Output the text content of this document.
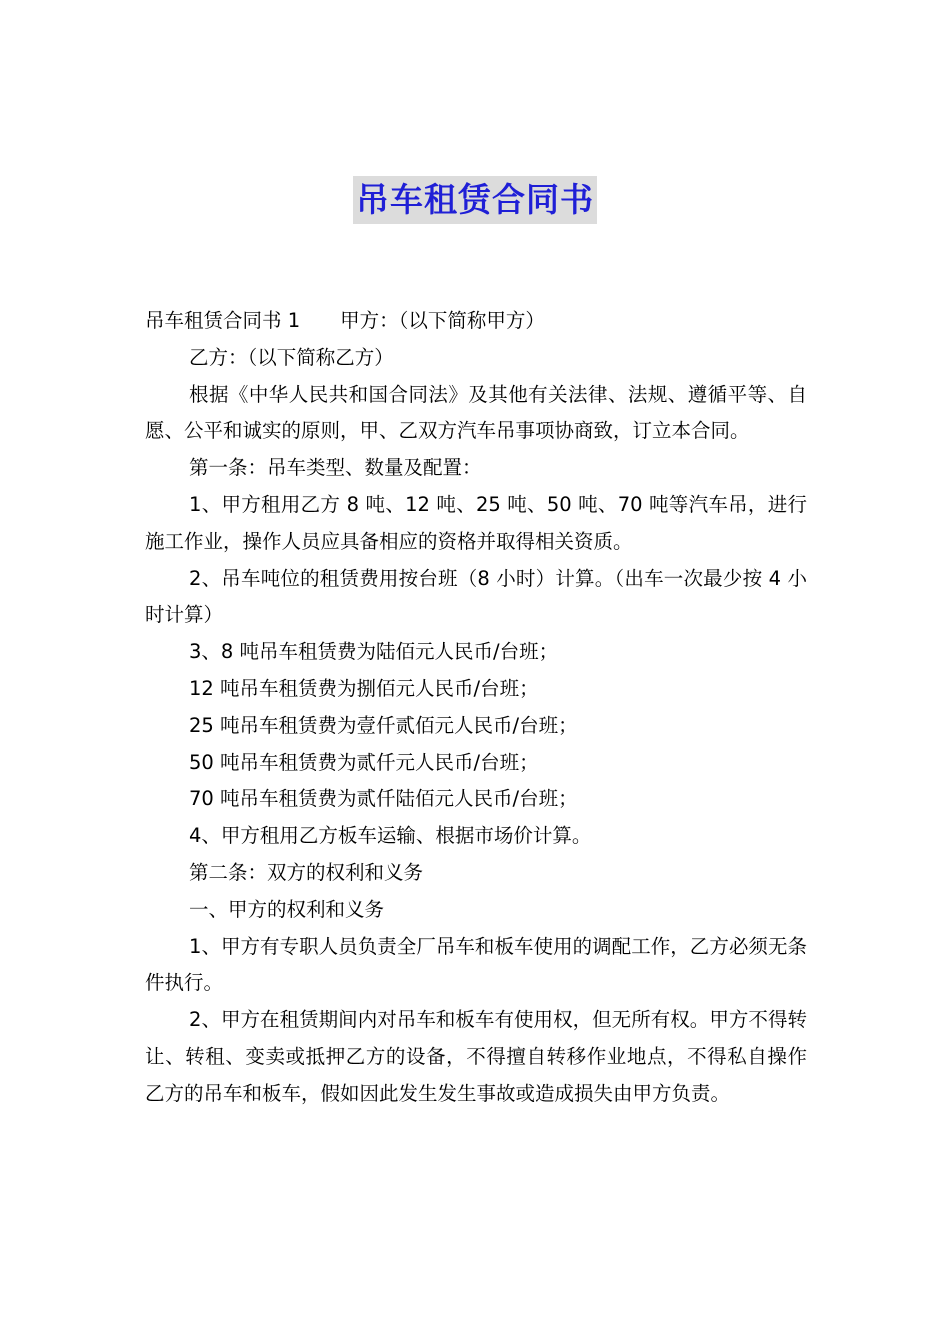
吊车租赁合同书

吊车租赁合同书 1 甲方：（以下简称甲方）

乙方：（以下简称乙方）

根据《中华人民共和国合同法》及其他有关法律、法规、遵循平等、自愿、公平和诚实的原则，甲、乙双方汽车吊事项协商致，订立本合同。

第一条：吊车类型、数量及配置：

1、甲方租用乙方 8 吨、12 吨、25 吨、50 吨、70 吨等汽车吊，进行施工作业，操作人员应具备相应的资格并取得相关资质。

2、吊车吨位的租赁费用按台班（8 小时）计算。（出车一次最少按 4 小时计算）

3、8 吨吊车租赁费为陆佰元人民币/台班；

12 吨吊车租赁费为捌佰元人民币/台班；

25 吨吊车租赁费为壹仟贰佰元人民币/台班；

50 吨吊车租赁费为贰仟元人民币/台班；

70 吨吊车租赁费为贰仟陆佰元人民币/台班；

4、甲方租用乙方板车运输、根据市场价计算。

第二条：双方的权利和义务

一、甲方的权利和义务

1、甲方有专职人员负责全厂吊车和板车使用的调配工作，乙方必须无条件执行。

2、甲方在租赁期间内对吊车和板车有使用权，但无所有权。甲方不得转让、转租、变卖或抵押乙方的设备，不得擅自转移作业地点，不得私自操作乙方的吊车和板车，假如因此发生发生事故或造成损失由甲方负责。
